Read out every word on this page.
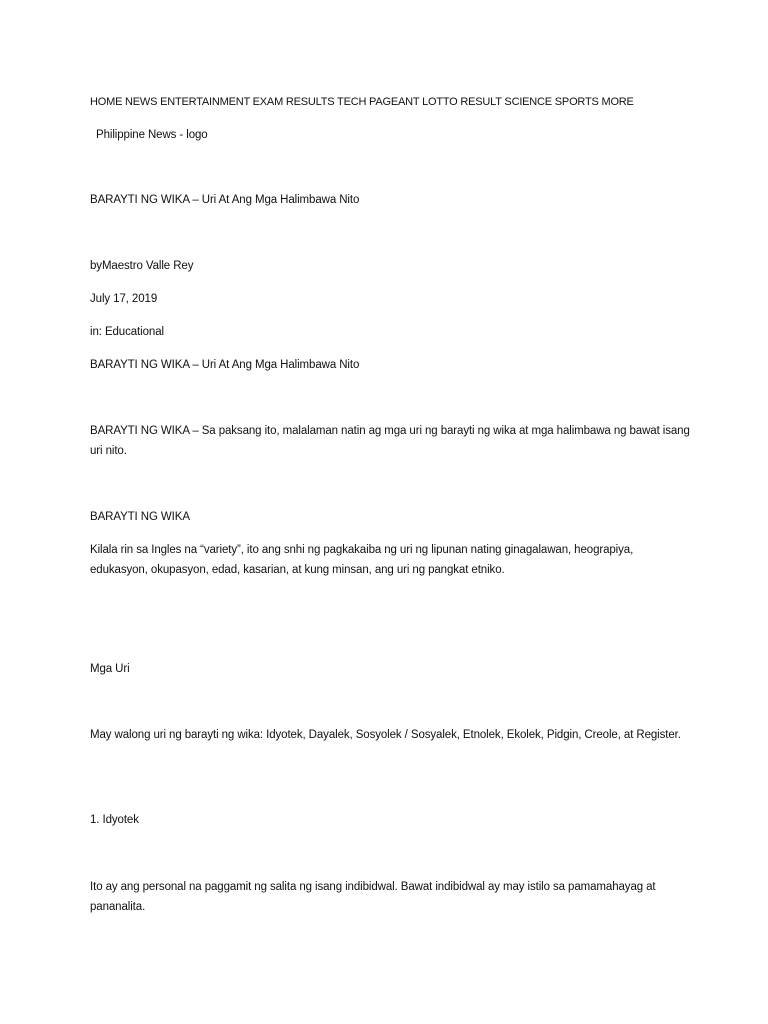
HOME NEWS ENTERTAINMENT EXAM RESULTS TECH PAGEANT LOTTO RESULT SCIENCE SPORTS MORE
Philippine News - logo
BARAYTI NG WIKA – Uri At Ang Mga Halimbawa Nito
byMaestro Valle Rey
July 17, 2019
in: Educational
BARAYTI NG WIKA – Uri At Ang Mga Halimbawa Nito
BARAYTI NG WIKA – Sa paksang ito, malalaman natin ag mga uri ng barayti ng wika at mga halimbawa ng bawat isang uri nito.
BARAYTI NG WIKA
Kilala rin sa Ingles na “variety”, ito ang snhi ng pagkakaiba ng uri ng lipunan nating ginagalawan, heograpiya, edukasyon, okupasyon, edad, kasarian, at kung minsan, ang uri ng pangkat etniko.
Mga Uri
May walong uri ng barayti ng wika: Idyotek, Dayalek, Sosyolek / Sosyalek, Etnolek, Ekolek, Pidgin, Creole, at Register.
1. Idyotek
Ito ay ang personal na paggamit ng salita ng isang indibidwal. Bawat indibidwal ay may istilo sa pamamahayag at pananalita.
